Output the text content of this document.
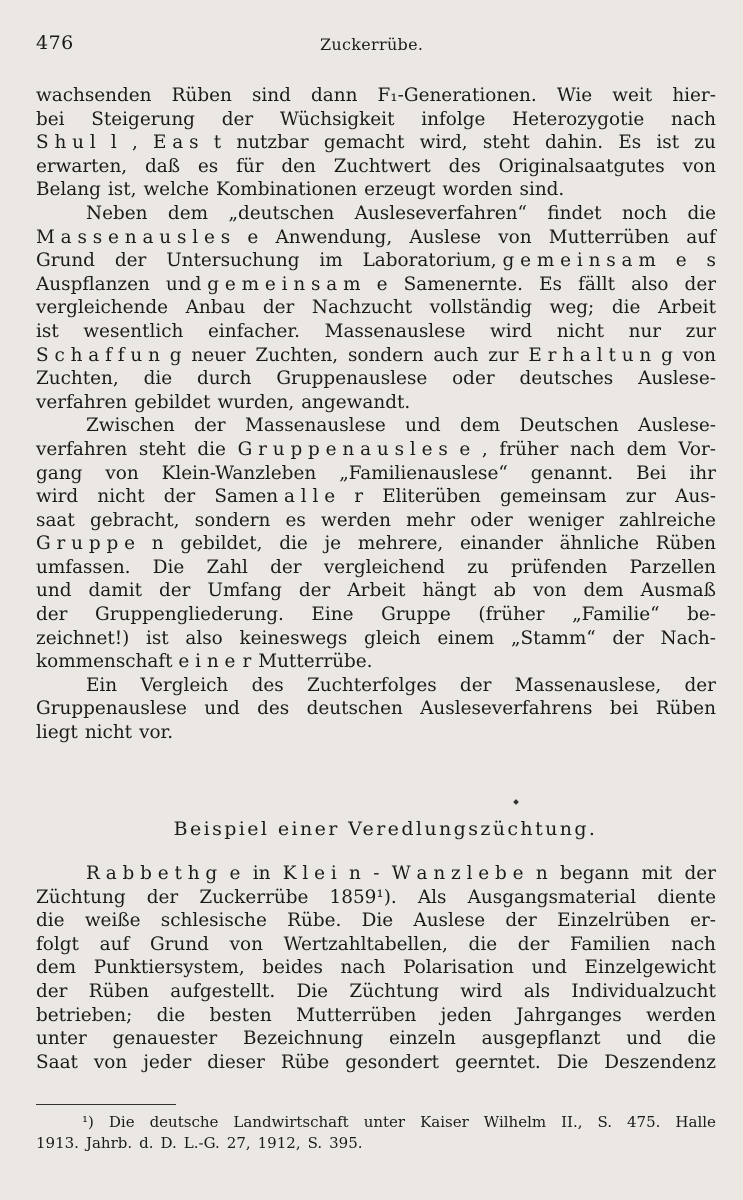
476	Zuckerrübe.
wachsenden Rüben sind dann F₁-Generationen. Wie weit hier-
bei Steigerung der Wüchsigkeit infolge Heterozygotie nach
S h u l l , E a s t nutzbar gemacht wird, steht dahin. Es ist zu
erwarten, daß es für den Zuchtwert des Originalsaatgutes von
Belang ist, welche Kombinationen erzeugt worden sind.
Neben dem „deutschen Ausleseverfahren“ findet noch die
M a s s e n a u s l e s e Anwendung, Auslese von Mutterrüben auf
Grund der Untersuchung im Laboratorium, g e m e i n s a m e s
Auspflanzen und g e m e i n s a m e Samenernte. Es fällt also der
vergleichende Anbau der Nachzucht vollständig weg; die Arbeit
ist wesentlich einfacher. Massenauslese wird nicht nur zur
S c h a f f u n g neuer Zuchten, sondern auch zur E r h a l t u n g von
Zuchten, die durch Gruppenauslese oder deutsches Auslese-
verfahren gebildet wurden, angewandt.
Zwischen der Massenauslese und dem Deutschen Auslese-
verfahren steht die G r u p p e n a u s l e s e , früher nach dem Vor-
gang von Klein-Wanzleben „Familienauslese“ genannt. Bei ihr
wird nicht der Samen a l l e r Eliterüben gemeinsam zur Aus-
saat gebracht, sondern es werden mehr oder weniger zahlreiche
G r u p p e n gebildet, die je mehrere, einander ähnliche Rüben
umfassen. Die Zahl der vergleichend zu prüfenden Parzellen
und damit der Umfang der Arbeit hängt ab von dem Ausmaß
der Gruppengliederung. Eine Gruppe (früher „Familie“ be-
zeichnet!) ist also keineswegs gleich einem „Stamm“ der Nach-
kommenschaft e i n e r Mutterrübe.
Ein Vergleich des Zuchterfolges der Massenauslese, der
Gruppenauslese und des deutschen Ausleseverfahrens bei Rüben
liegt nicht vor.
Beispiel einer Veredlungszüchtung.
R a b b e t h g e in K l e i n - W a n z l e b e n begann mit der
Züchtung der Zuckerrübe 1859¹). Als Ausgangsmaterial diente
die weiße schlesische Rübe. Die Auslese der Einzelrüben er-
folgt auf Grund von Wertzahltabellen, die der Familien nach
dem Punktiersystem, beides nach Polarisation und Einzelgewicht
der Rüben aufgestellt. Die Züchtung wird als Individualzucht
betrieben; die besten Mutterrüben jeden Jahrganges werden
unter genauester Bezeichnung einzeln ausgepflanzt und die
Saat von jeder dieser Rübe gesondert geerntet. Die Deszendenz
¹) Die deutsche Landwirtschaft unter Kaiser Wilhelm II., S. 475. Halle
1913. Jahrb. d. D. L.-G. 27, 1912, S. 395.
